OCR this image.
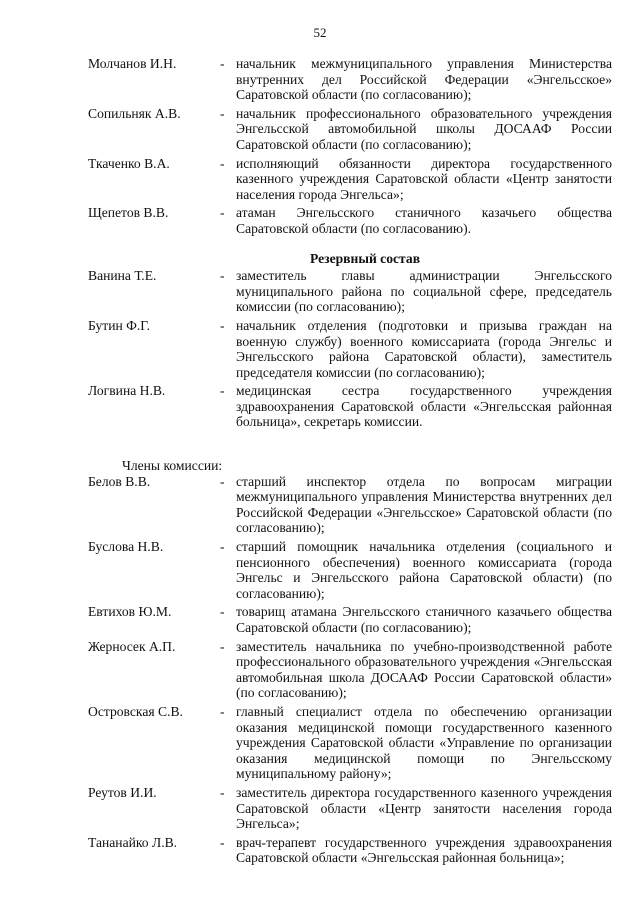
52
Молчанов И.Н.	- начальник межмуниципального управления Министерства внутренних дел Российской Федерации «Энгельсское» Саратовской области (по согласованию);
Сопильняк А.В.	- начальник профессионального образовательного учреждения Энгельсской автомобильной школы ДОСААФ России Саратовской области (по согласованию);
Ткаченко В.А.	- исполняющий обязанности директора государственного казенного учреждения Саратовской области «Центр занятости населения города Энгельса»;
Щепетов В.В.	- атаман Энгельсского станичного казачьего общества Саратовской области (по согласованию).
Резервный состав
Ванина Т.Е.	- заместитель главы администрации Энгельсского муниципального района по социальной сфере, председатель комиссии (по согласованию);
Бутин Ф.Г.	- начальник отделения (подготовки и призыва граждан на военную службу) военного комиссариата (города Энгельс и Энгельсского района Саратовской области), заместитель председателя комиссии (по согласованию);
Логвина Н.В.	- медицинская сестра государственного учреждения здравоохранения Саратовской области «Энгельсская районная больница», секретарь комиссии.
Члены комиссии:
Белов В.В.	- старший инспектор отдела по вопросам миграции межмуниципального управления Министерства внутренних дел Российской Федерации «Энгельсское» Саратовской области (по согласованию);
Буслова Н.В.	- старший помощник начальника отделения (социального и пенсионного обеспечения) военного комиссариата (города Энгельс и Энгельсского района Саратовской области) (по согласованию);
Евтихов Ю.М.	- товарищ атамана Энгельсского станичного казачьего общества Саратовской области (по согласованию);
Жерносек А.П.	- заместитель начальника по учебно-производственной работе профессионального образовательного учреждения «Энгельсская автомобильная школа ДОСААФ России Саратовской области» (по согласованию);
Островская С.В.	- главный специалист отдела по обеспечению организации оказания медицинской помощи государственного казенного учреждения Саратовской области «Управление по организации оказания медицинской помощи по Энгельсскому муниципальному району»;
Реутов И.И.	- заместитель директора государственного казенного учреждения Саратовской области «Центр занятости населения города Энгельса»;
Тананайко Л.В.	- врач-терапевт государственного учреждения здравоохранения Саратовской области «Энгельсская районная больница»;
